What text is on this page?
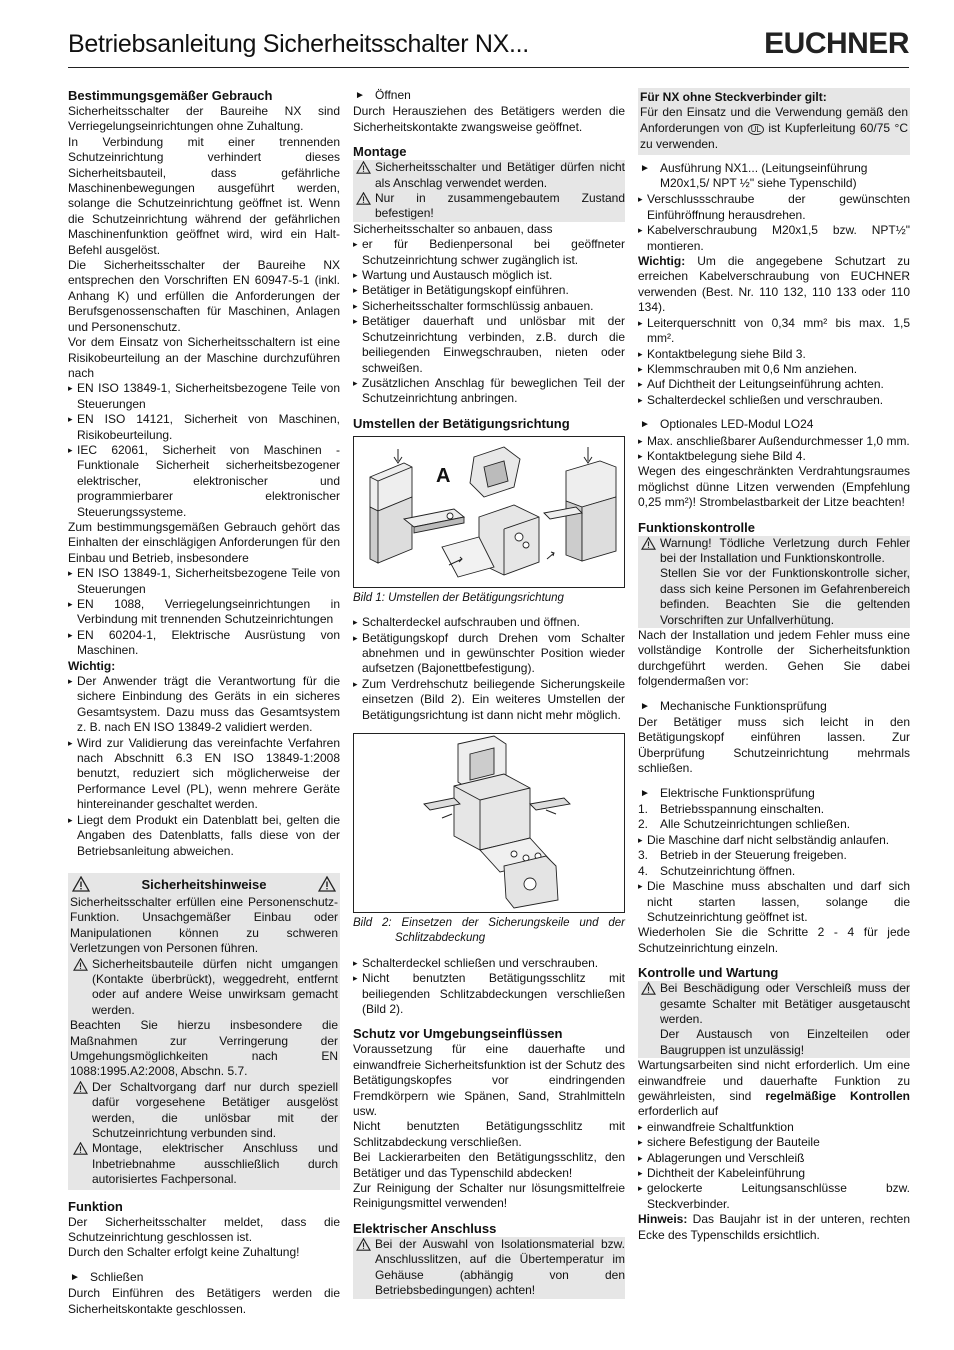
Betriebsanleitung Sicherheitsschalter NX...	EUCHNER
Bestimmungsgemäßer Gebrauch

Sicherheitsschalter der Baureihe NX sind Verriegelungseinrichtungen ohne Zuhaltung.

In Verbindung mit einer trennenden Schutzeinrichtung verhindert dieses Sicherheitsbauteil, dass gefährliche Maschinenbewegungen ausgeführt werden, solange die Schutzeinrichtung geöffnet ist. Wenn die Schutzeinrichtung während der gefährlichen Maschinenfunktion geöffnet wird, wird ein Halt-Befehl ausgelöst.

Die Sicherheitsschalter der Baureihe NX entsprechen den Vorschriften EN 60947-5-1 (inkl. Anhang K) und erfüllen die Anforderungen der Berufsgenossenschaften für Maschinen, Anlagen und Personenschutz.

Vor dem Einsatz von Sicherheitsschaltern ist eine Risikobeurteilung an der Maschine durchzuführen nach

▸ EN ISO 13849-1, Sicherheitsbezogene Teile von Steuerungen
▸ EN ISO 14121, Sicherheit von Maschinen, Risikobeurteilung.
▸ IEC 62061, Sicherheit von Maschinen - Funktionale Sicherheit sicherheitsbezogener elektrischer, elektronischer und programmierbarer elektronischer Steuerungssysteme.

Zum bestimmungsgemäßen Gebrauch gehört das Einhalten der einschlägigen Anforderungen für den Einbau und Betrieb, insbesondere

▸ EN ISO 13849-1, Sicherheitsbezogene Teile von Steuerungen
▸ EN 1088, Verriegelungseinrichtungen in Verbindung mit trennenden Schutzeinrichtungen
▸ EN 60204-1, Elektrische Ausrüstung von Maschinen.

Wichtig:

▸ Der Anwender trägt die Verantwortung für die sichere Einbindung des Geräts in ein sicheres Gesamtsystem. Dazu muss das Gesamtsystem z. B. nach EN ISO 13849-2 validiert werden.
▸ Wird zur Validierung das vereinfachte Verfahren nach Abschnitt 6.3 EN ISO 13849-1:2008 benutzt, reduziert sich möglicherweise der Performance Level (PL), wenn mehrere Geräte hintereinander geschaltet werden.
▸ Liegt dem Produkt ein Datenblatt bei, gelten die Angaben des Datenblatts, falls diese von der Betriebsanleitung abweichen.
Sicherheitshinweise

Sicherheitsschalter erfüllen eine Personenschutz-Funktion. Unsachgemäßer Einbau oder Manipulationen können zu schweren Verletzungen von Personen führen.

Sicherheitsbauteile dürfen nicht umgangen (Kontakte überbrückt), weggedreht, entfernt oder auf andere Weise unwirksam gemacht werden.

Beachten Sie hierzu insbesondere die Maßnahmen zur Verringerung der Umgehungsmöglichkeiten nach EN 1088:1995.A2:2008, Abschn. 5.7.

Der Schaltvorgang darf nur durch speziell dafür vorgesehene Betätiger ausgelöst werden, die unlösbar mit der Schutzeinrichtung verbunden sind.
Montage, elektrischer Anschluss und Inbetriebnahme ausschließlich durch autorisiertes Fachpersonal.
Funktion

Der Sicherheitsschalter meldet, dass die Schutzeinrichtung geschlossen ist.

Durch den Schalter erfolgt keine Zuhaltung!

► Schließen

Durch Einführen des Betätigers werden die Sicherheitskontakte geschlossen.

► Öffnen

Durch Herausziehen des Betätigers werden die Sicherheitskontakte zwangsweise geöffnet.

Montage
Sicherheitsschalter und Betätiger dürfen nicht als Anschlag verwendet werden.
Nur in zusammengebautem Zustand befestigen!

Sicherheitsschalter so anbauen, dass

▸ er für Bedienpersonal bei geöffneter Schutzeinrichtung schwer zugänglich ist.
▸ Wartung und Austausch möglich ist.
▸ Betätiger in Betätigungskopf einführen.
▸ Sicherheitsschalter formschlüssig anbauen.
▸ Betätiger dauerhaft und unlösbar mit der Schutzeinrichtung verbinden, z.B. durch die beiliegenden Einwegschrauben, nieten oder schweißen.
▸ Zusätzlichen Anschlag für beweglichen Teil der Schutzeinrichtung anbringen.
Umstellen der Betätigungsrichtung
A
Bild 1: Umstellen der Betätigungsrichtung
▸ Schalterdeckel aufschrauben und öffnen.
▸ Betätigungskopf durch Drehen vom Schalter abnehmen und in gewünschter Position wieder aufsetzen (Bajonettbefestigung).
▸ Zum Verdrehschutz beiliegende Sicherungskeile einsetzen (Bild 2). Ein weiteres Umstellen der Betätigungsrichtung ist dann nicht mehr möglich.
Bild 2: Einsetzen der Sicherungskeile und der Schlitzabdeckung
▸ Schalterdeckel schließen und verschrauben.
▸ Nicht benutzten Betätigungsschlitz mit beiliegenden Schlitzabdeckungen verschließen (Bild 2).
Schutz vor Umgebungseinflüssen

Voraussetzung für eine dauerhafte und einwandfreie Sicherheitsfunktion ist der Schutz des Betätigungskopfes vor eindringenden Fremdkörpern wie Spänen, Sand, Strahlmitteln usw.

Nicht benutzten Betätigungsschlitz mit Schlitzabdeckung verschließen.

Bei Lackierarbeiten den Betätigungsschlitz, den Betätiger und das Typenschild abdecken!

Zur Reinigung der Schalter nur lösungsmittelfreie Reinigungsmittel verwenden!

Elektrischer Anschluss
Bei der Auswahl von Isolationsmaterial bzw. Anschlusslitzen, auf die Übertemperatur im Gehäuse (abhängig von den Betriebsbedingungen) achten!
Für NX ohne Steckverbinder gilt:

Für den Einsatz und die Verwendung gemäß den Anforderungen von UL ist Kupferleitung 60/75 °C zu verwenden.

► Ausführung NX1... (Leitungseinführung M20x1,5/ NPT ½" siehe Typenschild)
▸ Verschlussschraube der gewünschten Einführöffnung herausdrehen.
▸ Kabelverschraubung M20x1,5 bzw. NPT½" montieren.

Wichtig: Um die angegebene Schutzart zu erreichen Kabelverschraubung von EUCHNER verwenden (Best. Nr. 110 132, 110 133 oder 110 134).

▸ Leiterquerschnitt von 0,34 mm² bis max. 1,5 mm².
▸ Kontaktbelegung siehe Bild 3.
▸ Klemmschrauben mit 0,6 Nm anziehen.
▸ Auf Dichtheit der Leitungseinführung achten.
▸ Schalterdeckel schließen und verschrauben.
► Optionales LED-Modul LO24
▸ Max. anschließbarer Außendurchmesser 1,0 mm.
▸ Kontaktbelegung siehe Bild 4.

Wegen des eingeschränkten Verdrahtungsraumes möglichst dünne Litzen verwenden (Empfehlung 0,25 mm²)! Strombelastbarkeit der Litze beachten!

Funktionskontrolle
Warnung! Tödliche Verletzung durch Fehler bei der Installation und Funktionskontrolle.
Stellen Sie vor der Funktionskontrolle sicher, dass sich keine Personen im Gefahrenbereich befinden. Beachten Sie die geltenden Vorschriften zur Unfallverhütung.

Nach der Installation und jedem Fehler muss eine vollständige Kontrolle der Sicherheitsfunktion durchgeführt werden. Gehen Sie dabei folgendermaßen vor:

► Mechanische Funktionsprüfung

Der Betätiger muss sich leicht in den Betätigungskopf einführen lassen. Zur Überprüfung Schutzeinrichtung mehrmals schließen.

► Elektrische Funktionsprüfung
1. Betriebsspannung einschalten.
2. Alle Schutzeinrichtungen schließen.
▸ Die Maschine darf nicht selbständig anlaufen.
3. Betrieb in der Steuerung freigeben.
4. Schutzeinrichtung öffnen.
▸ Die Maschine muss abschalten und darf sich nicht starten lassen, solange die Schutzeinrichtung geöffnet ist.

Wiederholen Sie die Schritte 2 - 4 für jede Schutzeinrichtung einzeln.

Kontrolle und Wartung
Bei Beschädigung oder Verschleiß muss der gesamte Schalter mit Betätiger ausgetauscht werden.
Der Austausch von Einzelteilen oder Baugruppen ist unzulässig!

Wartungsarbeiten sind nicht erforderlich. Um eine einwandfreie und dauerhafte Funktion zu gewährleisten, sind regelmäßige Kontrollen erforderlich auf

▸ einwandfreie Schaltfunktion
▸ sichere Befestigung der Bauteile
▸ Ablagerungen und Verschleiß
▸ Dichtheit der Kabeleinführung
▸ gelockerte Leitungsanschlüsse bzw. Steckverbinder.

Hinweis: Das Baujahr ist in der unteren, rechten Ecke des Typenschilds ersichtlich.
